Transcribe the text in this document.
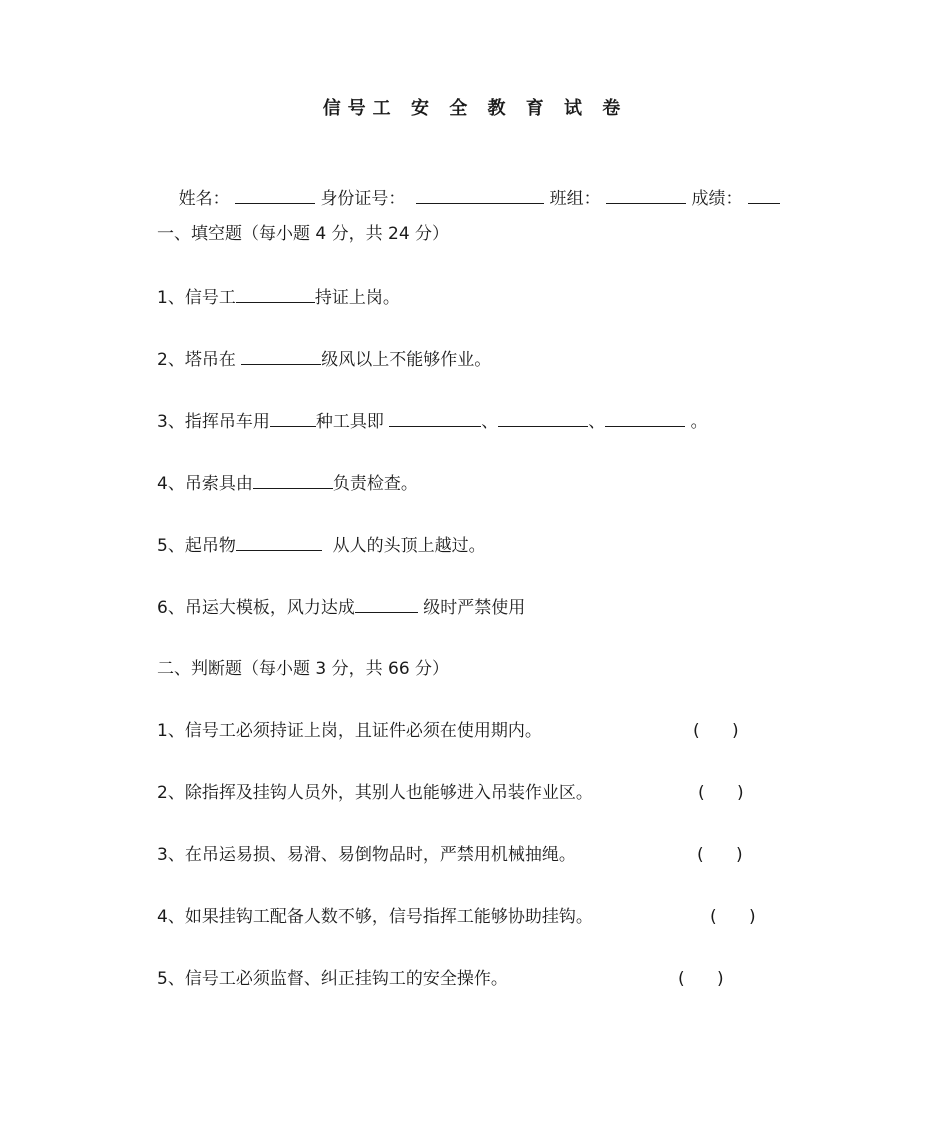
信号工 安 全 教 育 试 卷

姓名：	身份证号：	班组：	成绩：

一、填空题（每小题 4 分，共 24 分）
1、信号工	持证上岗。
2、塔吊在	级风以上不能够作业。
3、指挥吊车用	种工具即	、	、	。
4、吊索具由	负责检查。
5、起吊物	从人的头顶上越过。
6、吊运大模板，风力达成	级时严禁使用
二、判断题（每小题 3 分，共 66 分）
1、信号工必须持证上岗，且证件必须在使用期内。	(      )
2、除指挥及挂钩人员外，其别人也能够进入吊装作业区。	(      )
3、在吊运易损、易滑、易倒物品时，严禁用机械抽绳。	(      )
4、如果挂钩工配备人数不够，信号指挥工能够协助挂钩。	(      )
5、信号工必须监督、纠正挂钩工的安全操作。	(      )
